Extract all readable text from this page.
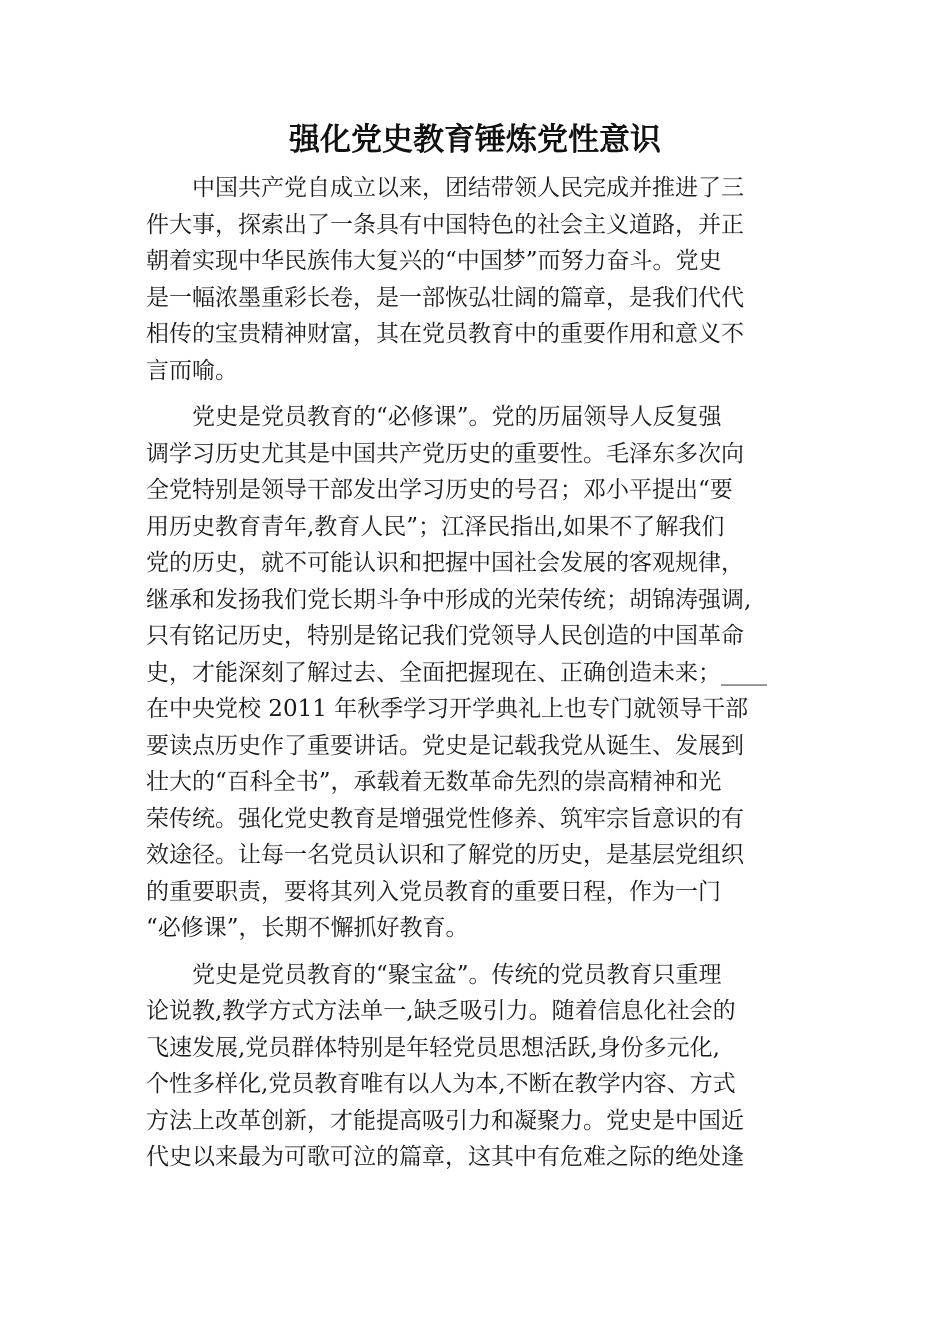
强化党史教育锤炼党性意识

中国共产党自成立以来，团结带领人民完成并推进了三
件大事，探索出了一条具有中国特色的社会主义道路，并正
朝着实现中华民族伟大复兴的“中国梦”而努力奋斗。党史
是一幅浓墨重彩长卷，是一部恢弘壮阔的篇章，是我们代代
相传的宝贵精神财富，其在党员教育中的重要作用和意义不
言而喻。

党史是党员教育的“必修课”。党的历届领导人反复强
调学习历史尤其是中国共产党历史的重要性。毛泽东多次向
全党特别是领导干部发出学习历史的号召；邓小平提出“要
用历史教育青年,教育人民”；江泽民指出,如果不了解我们
党的历史，就不可能认识和把握中国社会发展的客观规律，
继承和发扬我们党长期斗争中形成的光荣传统；胡锦涛强调,
只有铭记历史，特别是铭记我们党领导人民创造的中国革命
史，才能深刻了解过去、全面把握现在、正确创造未来；____
在中央党校 2011 年秋季学习开学典礼上也专门就领导干部
要读点历史作了重要讲话。党史是记载我党从诞生、发展到
壮大的“百科全书”，承载着无数革命先烈的崇高精神和光
荣传统。强化党史教育是增强党性修养、筑牢宗旨意识的有
效途径。让每一名党员认识和了解党的历史，是基层党组织
的重要职责，要将其列入党员教育的重要日程，作为一门
“必修课”，长期不懈抓好教育。

党史是党员教育的“聚宝盆”。传统的党员教育只重理
论说教,教学方式方法单一,缺乏吸引力。随着信息化社会的
飞速发展,党员群体特别是年轻党员思想活跃,身份多元化,
个性多样化,党员教育唯有以人为本,不断在教学内容、方式
方法上改革创新，才能提高吸引力和凝聚力。党史是中国近
代史以来最为可歌可泣的篇章，这其中有危难之际的绝处逢
